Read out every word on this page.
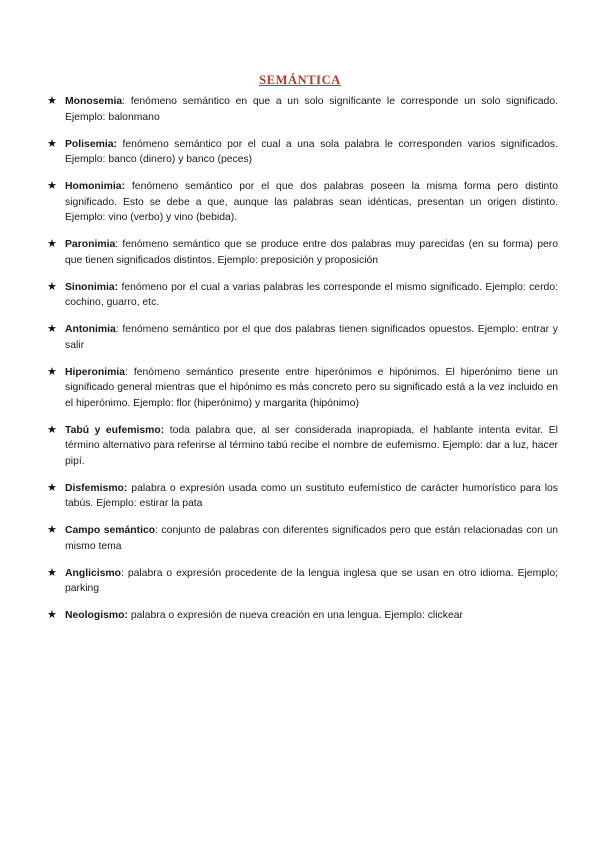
SEMÁNTICA
★ Monosemia: fenómeno semántico en que a un solo significante le corresponde un solo significado. Ejemplo: balonmano
★ Polisemia: fenómeno semántico por el cual a una sola palabra le corresponden varios significados. Ejemplo: banco (dinero) y banco (peces)
★ Homonimia: fenómeno semántico por el que dos palabras poseen la misma forma pero distinto significado. Esto se debe a que, aunque las palabras sean idénticas, presentan un origen distinto. Ejemplo: vino (verbo) y vino (bebida).
★ Paronimia: fenómeno semántico que se produce entre dos palabras muy parecidas (en su forma) pero que tienen significados distintos. Ejemplo: preposición y proposición
★ Sinonimia: fenómeno por el cual a varias palabras les corresponde el mismo significado. Ejemplo: cerdo: cochino, guarro, etc.
★ Antonimia: fenómeno semántico por el que dos palabras tienen significados opuestos. Ejemplo: entrar y salir
★ Hiperonimia: fenómeno semántico presente entre hiperónimos e hipónimos. El hiperónimo tiene un significado general mientras que el hipónimo es más concreto pero su significado está a la vez incluido en el hiperónimo. Ejemplo: flor (hiperónimo) y margarita (hipónimo)
★ Tabú y eufemismo: toda palabra que, al ser considerada inapropiada, el hablante intenta evitar. El término alternativo para referirse al término tabú recibe el nombre de eufemismo. Ejemplo: dar a luz, hacer pipí.
★ Disfemismo: palabra o expresión usada como un sustituto eufemístico de carácter humorístico para los tabús. Ejemplo: estirar la pata
★ Campo semántico: conjunto de palabras con diferentes significados pero que están relacionadas con un mismo tema
★ Anglicismo: palabra o expresión procedente de la lengua inglesa que se usan en otro idioma. Ejemplo; parking
★ Neologismo: palabra o expresión de nueva creación en una lengua. Ejemplo: clickear
